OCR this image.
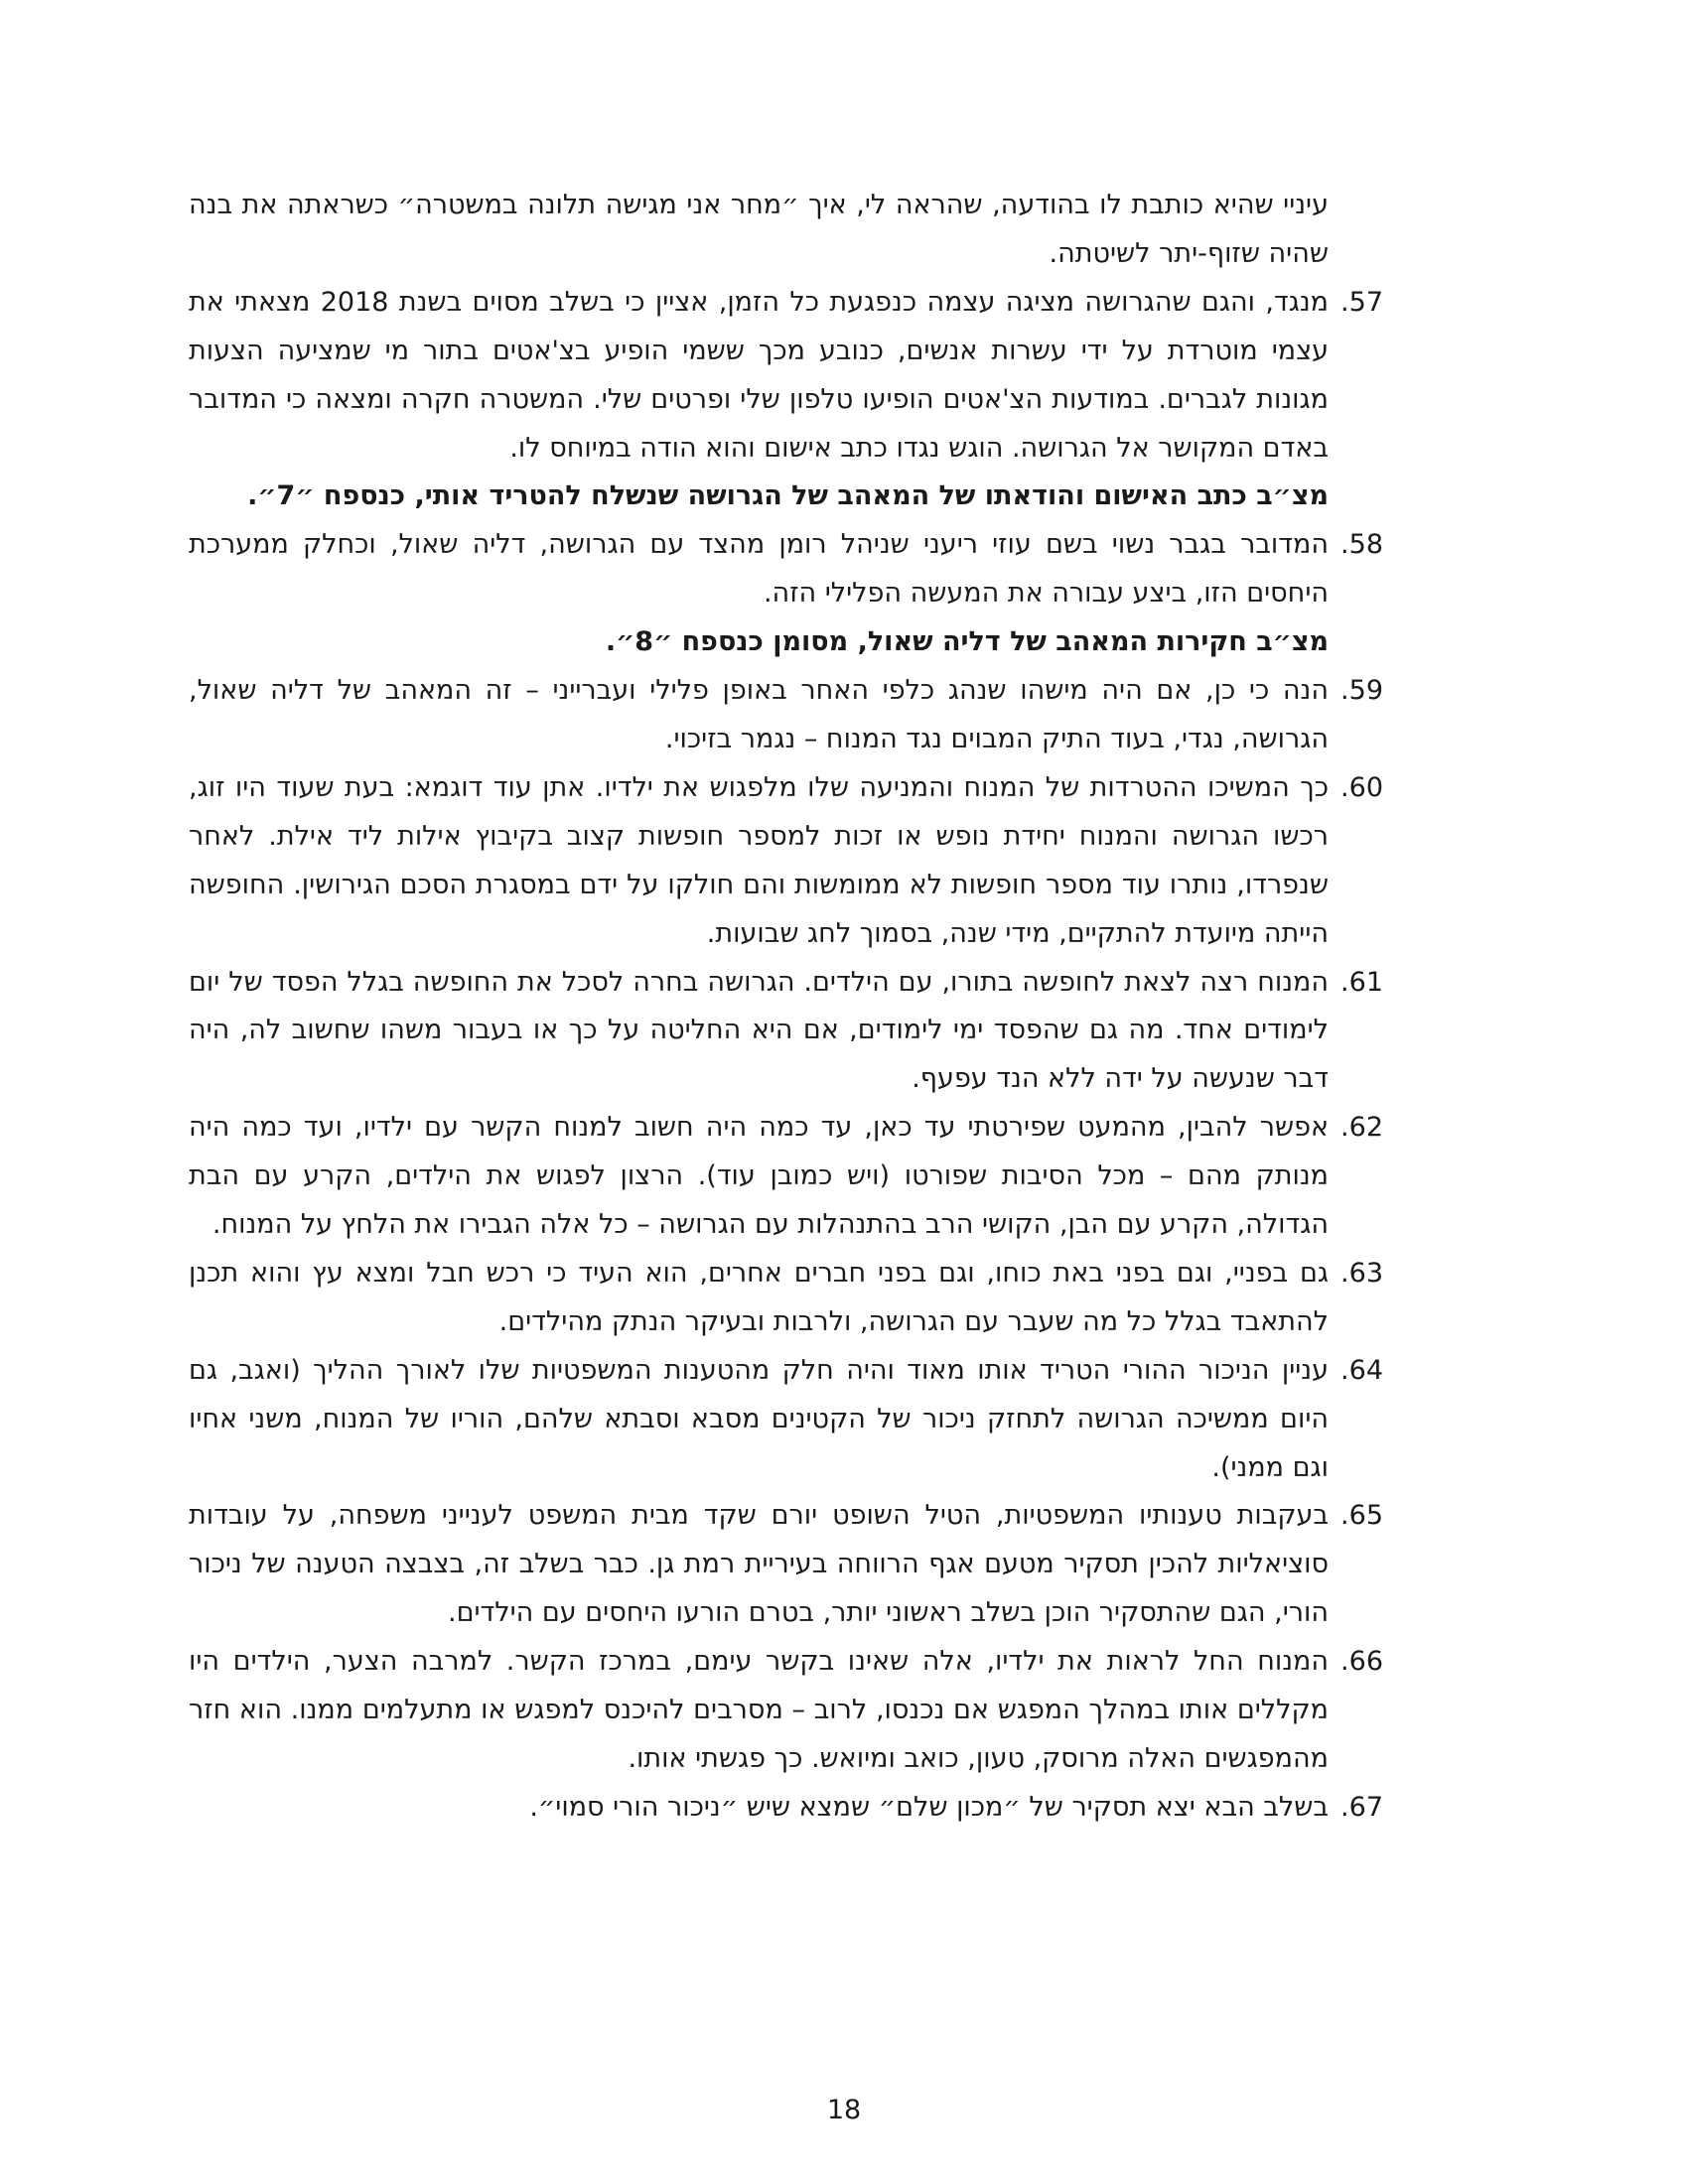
עיניי שהיא כותבת לו בהודעה, שהראה לי, איך ״מחר אני מגישה תלונה במשטרה״ כשראתה את בנה שהיה שזוף-יתר לשיטתה.
57.
מנגד, והגם שהגרושה מציגה עצמה כנפגעת כל הזמן, אציין כי בשלב מסוים בשנת 2018 מצאתי את עצמי מוטרדת על ידי עשרות אנשים, כנובע מכך ששמי הופיע בצ'אטים בתור מי שמציעה הצעות מגונות לגברים. במודעות הצ'אטים הופיעו טלפון שלי ופרטים שלי. המשטרה חקרה ומצאה כי המדובר באדם המקושר אל הגרושה. הוגש נגדו כתב אישום והוא הודה במיוחס לו.
מצ״ב כתב האישום והודאתו של המאהב של הגרושה שנשלח להטריד אותי, כנספח ״7״.
58.
המדובר בגבר נשוי בשם עוזי ריעני שניהל רומן מהצד עם הגרושה, דליה שאול, וכחלק ממערכת היחסים הזו, ביצע עבורה את המעשה הפלילי הזה.
מצ״ב חקירות המאהב של דליה שאול, מסומן כנספח ״8״.
59.
הנה כי כן, אם היה מישהו שנהג כלפי האחר באופן פלילי ועברייני – זה המאהב של דליה שאול, הגרושה, נגדי, בעוד התיק המבוים נגד המנוח – נגמר בזיכוי.
60.
כך המשיכו ההטרדות של המנוח והמניעה שלו מלפגוש את ילדיו. אתן עוד דוגמא: בעת שעוד היו זוג, רכשו הגרושה והמנוח יחידת נופש או זכות למספר חופשות קצוב בקיבוץ אילות ליד אילת. לאחר שנפרדו, נותרו עוד מספר חופשות לא ממומשות והם חולקו על ידם במסגרת הסכם הגירושין. החופשה הייתה מיועדת להתקיים, מידי שנה, בסמוך לחג שבועות.
61.
המנוח רצה לצאת לחופשה בתורו, עם הילדים. הגרושה בחרה לסכל את החופשה בגלל הפסד של יום לימודים אחד. מה גם שהפסד ימי לימודים, אם היא החליטה על כך או בעבור משהו שחשוב לה, היה דבר שנעשה על ידה ללא הנד עפעף.
62.
אפשר להבין, מהמעט שפירטתי עד כאן, עד כמה היה חשוב למנוח הקשר עם ילדיו, ועד כמה היה מנותק מהם – מכל הסיבות שפורטו (ויש כמובן עוד). הרצון לפגוש את הילדים, הקרע עם הבת הגדולה, הקרע עם הבן, הקושי הרב בהתנהלות עם הגרושה – כל אלה הגבירו את הלחץ על המנוח.
63.
גם בפניי, וגם בפני באת כוחו, וגם בפני חברים אחרים, הוא העיד כי רכש חבל ומצא עץ והוא תכנן להתאבד בגלל כל מה שעבר עם הגרושה, ולרבות ובעיקר הנתק מהילדים.
64.
עניין הניכור ההורי הטריד אותו מאוד והיה חלק מהטענות המשפטיות שלו לאורך ההליך (ואגב, גם היום ממשיכה הגרושה לתחזק ניכור של הקטינים מסבא וסבתא שלהם, הוריו של המנוח, משני אחיו וגם ממני).
65.
בעקבות טענותיו המשפטיות, הטיל השופט יורם שקד מבית המשפט לענייני משפחה, על עובדות סוציאליות להכין תסקיר מטעם אגף הרווחה בעיריית רמת גן. כבר בשלב זה, בצבצה הטענה של ניכור הורי, הגם שהתסקיר הוכן בשלב ראשוני יותר, בטרם הורעו היחסים עם הילדים.
66.
המנוח החל לראות את ילדיו, אלה שאינו בקשר עימם, במרכז הקשר. למרבה הצער, הילדים היו מקללים אותו במהלך המפגש אם נכנסו, לרוב – מסרבים להיכנס למפגש או מתעלמים ממנו. הוא חזר מהמפגשים האלה מרוסק, טעון, כואב ומיואש. כך פגשתי אותו.
67.
בשלב הבא יצא תסקיר של ״מכון שלם״ שמצא שיש ״ניכור הורי סמוי״.
18
